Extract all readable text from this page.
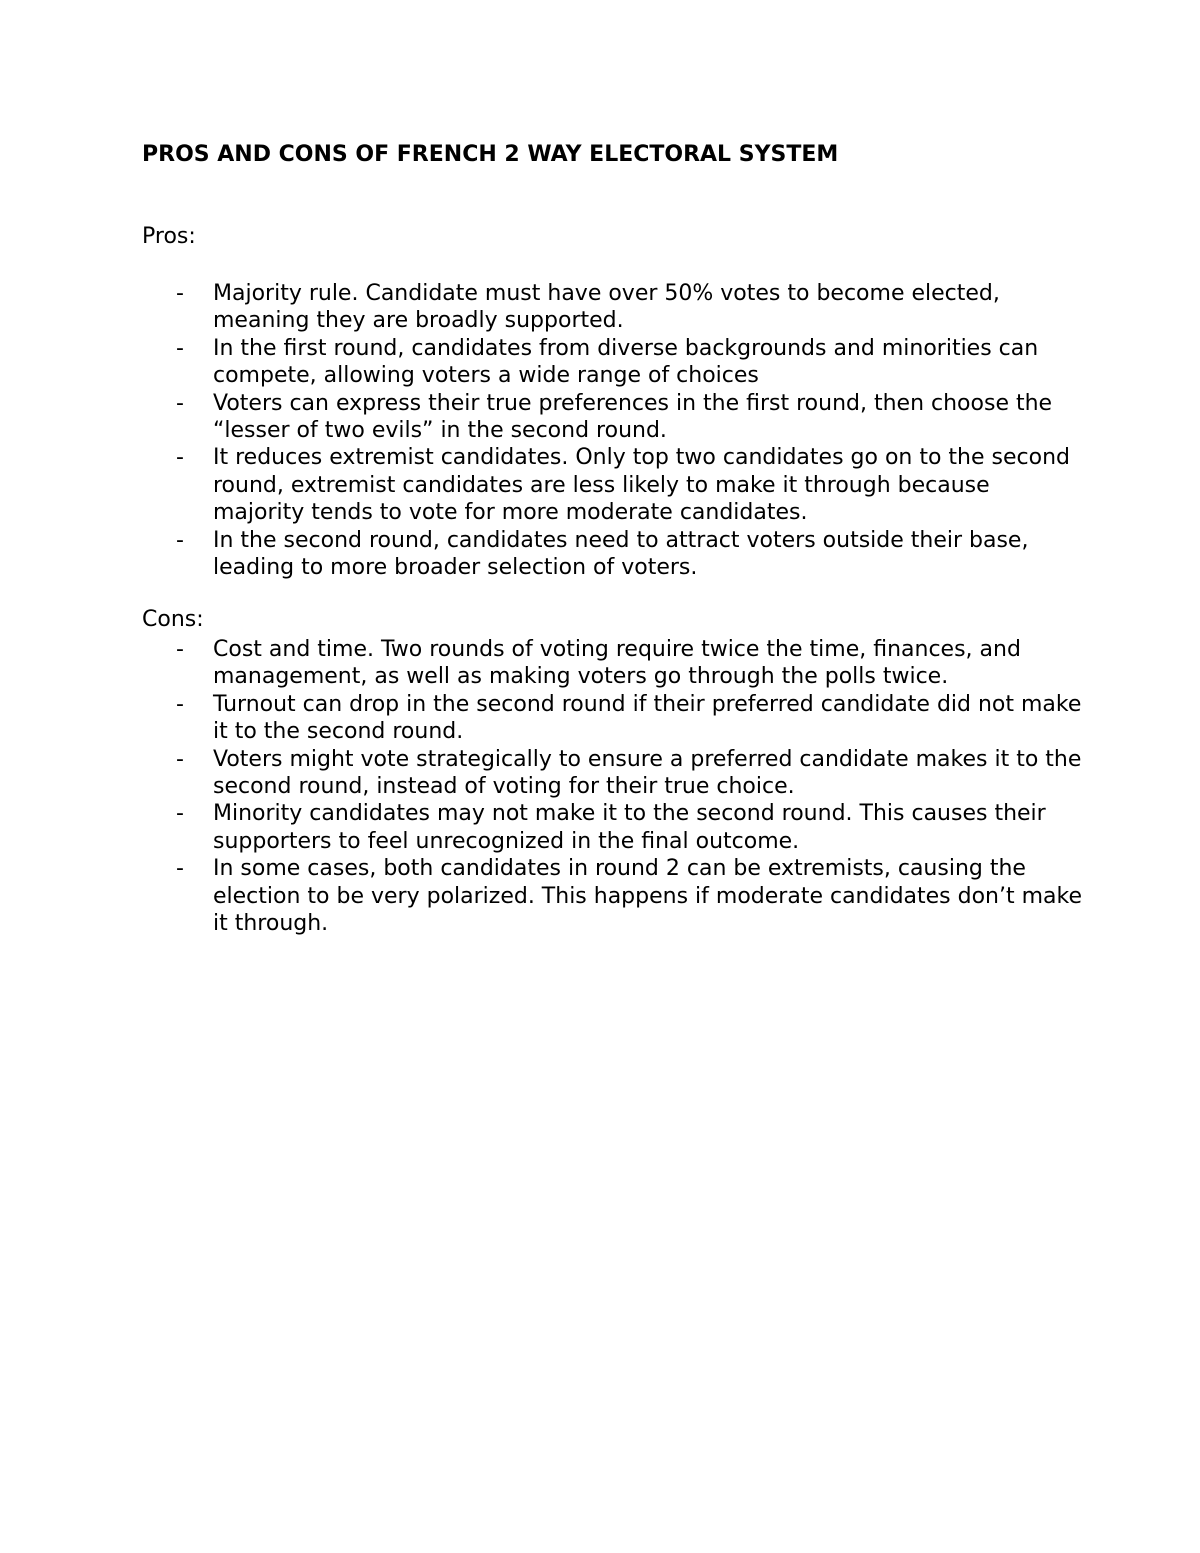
PROS AND CONS OF FRENCH 2 WAY ELECTORAL SYSTEM

Pros:

- Majority rule. Candidate must have over 50% votes to become elected, meaning they are broadly supported.
- In the first round, candidates from diverse backgrounds and minorities can compete, allowing voters a wide range of choices
- Voters can express their true preferences in the first round, then choose the “lesser of two evils” in the second round.
- It reduces extremist candidates. Only top two candidates go on to the second round, extremist candidates are less likely to make it through because majority tends to vote for more moderate candidates.
- In the second round, candidates need to attract voters outside their base, leading to more broader selection of voters.

Cons:

- Cost and time. Two rounds of voting require twice the time, finances, and management, as well as making voters go through the polls twice.
- Turnout can drop in the second round if their preferred candidate did not make it to the second round.
- Voters might vote strategically to ensure a preferred candidate makes it to the second round, instead of voting for their true choice.
- Minority candidates may not make it to the second round. This causes their supporters to feel unrecognized in the final outcome.
- In some cases, both candidates in round 2 can be extremists, causing the election to be very polarized. This happens if moderate candidates don’t make it through.
